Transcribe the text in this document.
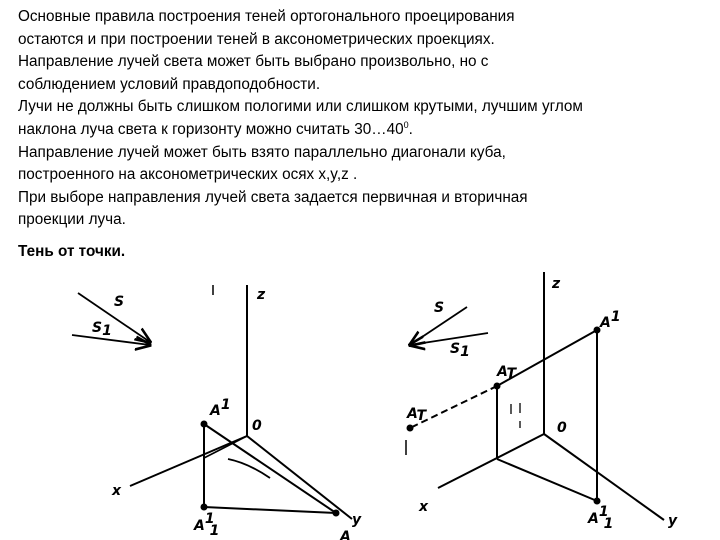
Основные правила построения теней ортогонального проецирования

остаются и при построении теней в аксонометрических проекциях.

Направление лучей света может быть выбрано произвольно, но с

соблюдением условий правдоподобности.

Лучи не должны быть слишком пологими или слишком крутыми, лучшим углом

наклона луча света к горизонту можно считать $30\dots 40^0$.

Направление лучей может быть взято параллельно диагонали куба,

построенного на аксонометрических осях x,y,z .

При выборе направления лучей света задается первичная и вторичная

проекции луча.

Тень от точки.
S
S1
z
x
y
0
A1
A1 1	A
S
S1
z
x
y
0
A1
AT
AT
A1 1
